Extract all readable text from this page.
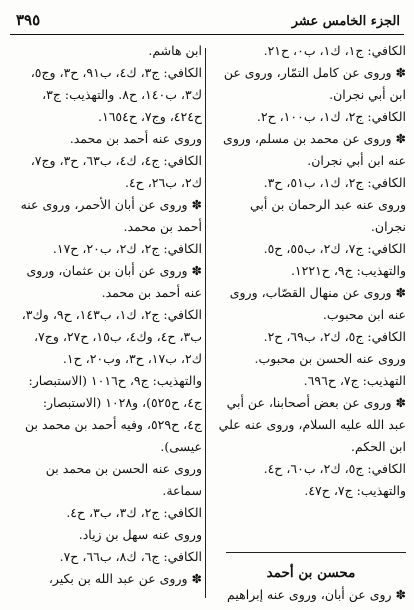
الجزء الخامس عشر
٣٩٥
الكافي: ج١، ك١، ب٠، ح٢١.
✽ وروى عن كامل التمّار، وروى عن
ابن أبي نجران.
الكافي: ج٢، ك١، ب١٠٠، ح٢.
✽ وروى عن محمد بن مسلم، وروى
عنه ابن أبي نجران.
الكافي: ج٢، ك١، ب٥١، ح٣.
وروى عنه عبد الرحمان بن أبي
نجران.
الكافي: ج٧، ك٢، ب٥٥، ح٥.
والتهذيب: ج٩، ح١٢٢١.
✽ وروى عن منهال القصّاب، وروى
عنه ابن محبوب.
الكافي: ج٥، ك٢، ب٦٩، ح٢.
وروى عنه الحسن بن محبوب.
التهذيب: ج٧، ح٦٩٦.
✽ وروى عن بعض أصحابنا، عن أبي
عبد الله عليه السلام، وروى عنه علي
ابن الحكم.
الكافي: ج٥، ك٢، ب٦٠، ح٤.
والتهذيب: ج٧، ح٤٧.
ابن هاشم.
الكافي: ج٣، ك٤، ب٩١، ح٣، وج٥،
ك٣، ب١٤٠، ح٨. والتهذيب: ج٣،
ح٤٢٤، وج٧، ح١٦٥٤.
وروى عنه أحمد بن محمد.
الكافي: ج٤، ك٤، ب٦٣، ح٣، وج٧،
ك٢، ب٢٦، ح٤.
✽ وروى عن أبان الأحمر، وروى عنه
أحمد بن محمد.
الكافي: ج٢، ك٢، ب٢٠، ح١٧.
✽ وروى عن أبان بن عثمان، وروى
عنه أحمد بن محمد.
الكافي: ج٢، ك١، ب١٤٣، ح٩، وك٣،
ب٣، ح٤، وك٤، ب١٥، ح٢٧، وج٧،
ك٢، ب١٧، ح٣، وب٢٠، ح١.
والتهذيب: ج٩، ح١٠١٦ (الاستبصار:
ج٤، ح٥٢٥)، و١٠٢٨ (الاستبصار:
ج٤، ح٥٢٩، وفيه أحمد بن محمد بن
عيسى).
وروى عنه الحسن بن محمد بن
سماعة.
الكافي: ج٢، ك٣، ب٣، ح٤.
وروى عنه سهل بن زياد.
الكافي: ج٦، ك٨، ب٦٦، ح٧.
✽ وروى عن عبد الله بن بكير،	محسن بن أحمد
✽ روى عن أبان، وروى عنه إبراهيم
